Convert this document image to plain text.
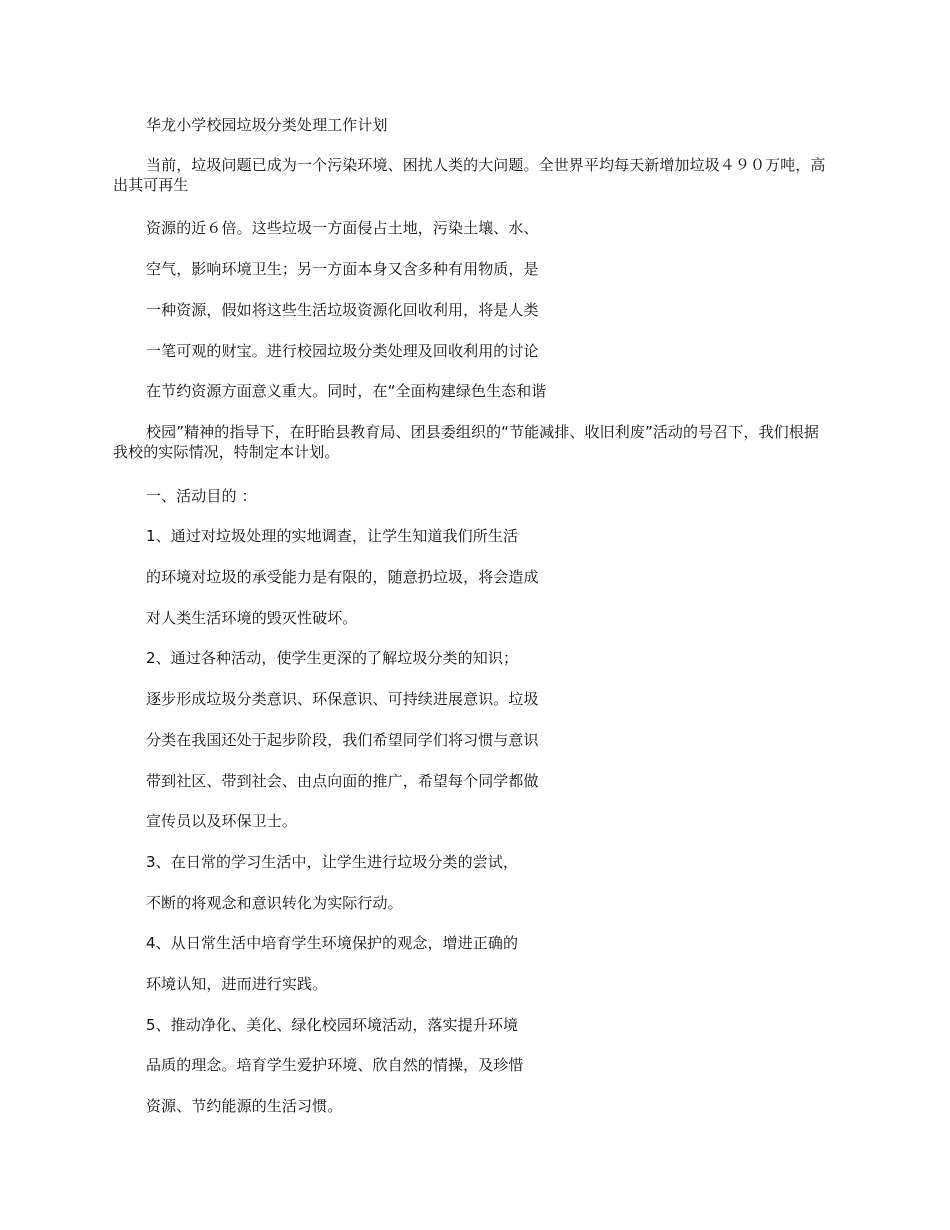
华龙小学校园垃圾分类处理工作计划

当前，垃圾问题已成为一个污染环境、困扰人类的大问题。全世界平均每天新增加垃圾４９０万吨，高出其可再生

资源的近６倍。这些垃圾一方面侵占土地，污染土壤、水、

空气，影响环境卫生；另一方面本身又含多种有用物质，是

一种资源，假如将这些生活垃圾资源化回收利用，将是人类

一笔可观的财宝。进行校园垃圾分类处理及回收利用的讨论

在节约资源方面意义重大。同时，在“全面构建绿色生态和谐

校园”精神的指导下，在盱眙县教育局、团县委组织的“节能减排、收旧利废”活动的号召下，我们根据我校的实际情况，特制定本计划。

一、活动目的 ：

1、通过对垃圾处理的实地调查，让学生知道我们所生活

的环境对垃圾的承受能力是有限的，随意扔垃圾，将会造成

对人类生活环境的毁灭性破坏。

2、通过各种活动，使学生更深的了解垃圾分类的知识；

逐步形成垃圾分类意识、环保意识、可持续进展意识。垃圾

分类在我国还处于起步阶段，我们希望同学们将习惯与意识

带到社区、带到社会、由点向面的推广，希望每个同学都做

宣传员以及环保卫士。

3、在日常的学习生活中，让学生进行垃圾分类的尝试，

不断的将观念和意识转化为实际行动。

4、从日常生活中培育学生环境保护的观念，增进正确的

环境认知，进而进行实践。

5、推动净化、美化、绿化校园环境活动，落实提升环境

品质的理念。培育学生爱护环境、欣自然的情操，及珍惜

资源、节约能源的生活习惯。
